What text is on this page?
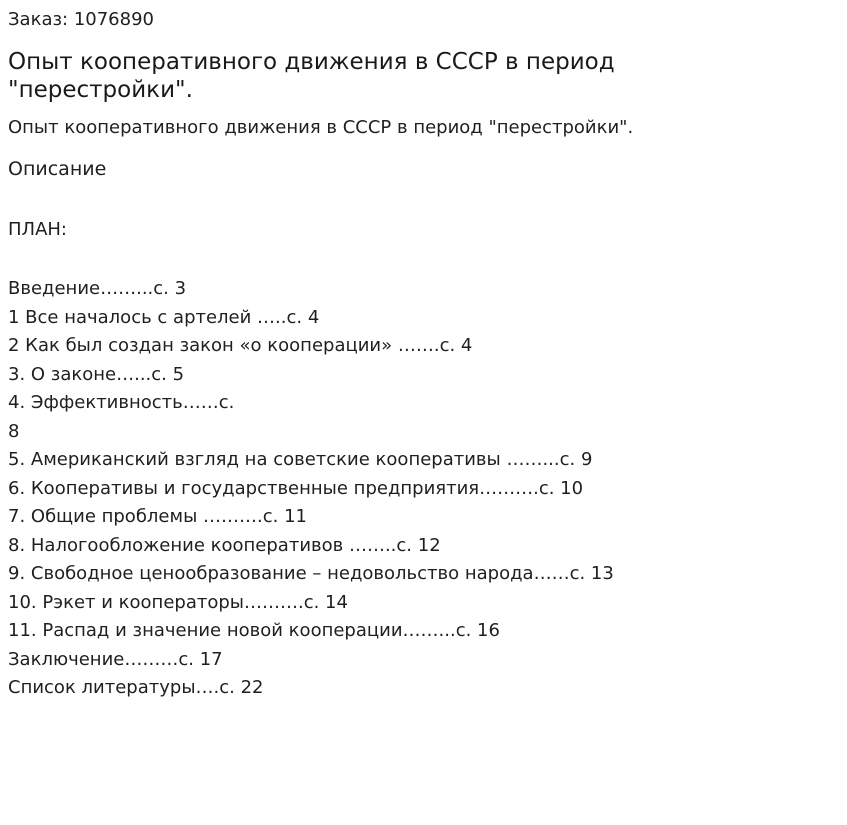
Заказ: 1076890

Опыт кооперативного движения в СССР в период
"перестройки".

Опыт кооперативного движения в СССР в период "перестройки".

Описание

ПЛАН:

Введение……...с. 3
1 Все началось с артелей …..с. 4
2 Как был создан закон «о кооперации» …….с. 4
3. О законе…...с. 5
4. Эффективность……с.
8
5. Американский взгляд на советские кооперативы ……...с. 9
6. Кооперативы и государственные предприятия……….с. 10
7. Общие проблемы ……….с. 11
8. Налогообложение кооперативов ……..с. 12
9. Свободное ценообразование – недовольство народа……с. 13
10. Рэкет и кооператоры……….с. 14
11. Распад и значение новой кооперации……...с. 16
Заключение………с. 17
Список литературы….с. 22
